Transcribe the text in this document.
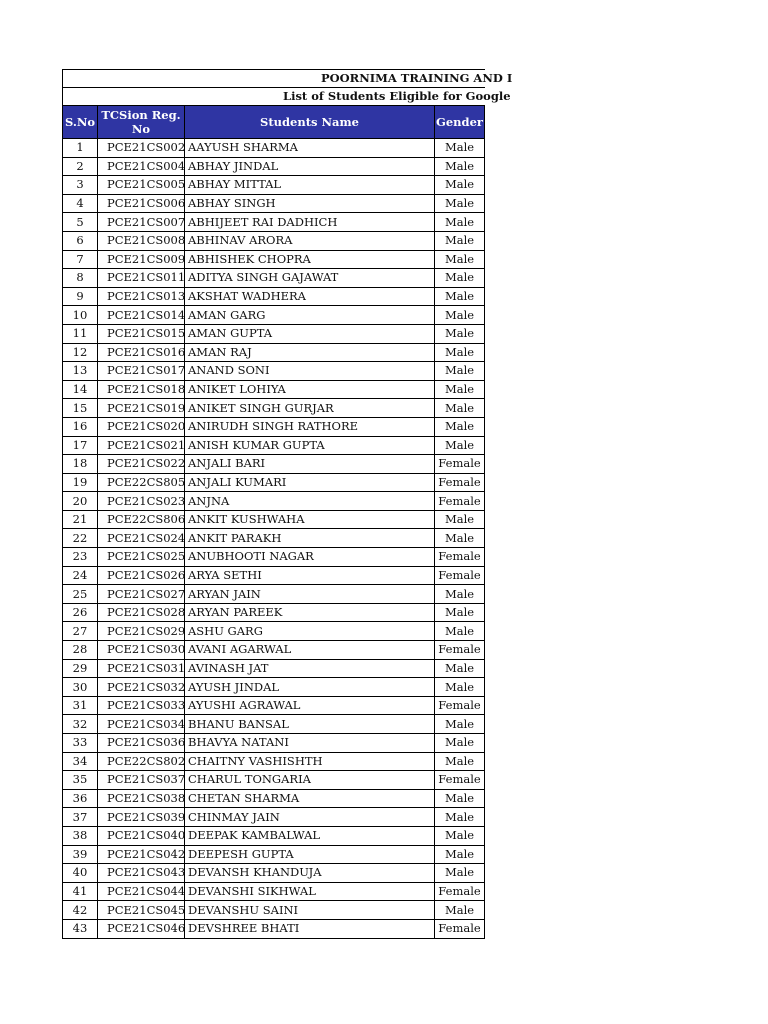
POORNIMA TRAINING AND I			

List of Students Eligible for Google			

S.No	TCSion Reg. No	Students Name	Gender
1	PCE21CS002	AAYUSH SHARMA	Male
2	PCE21CS004	ABHAY JINDAL	Male
3	PCE21CS005	ABHAY MITTAL	Male
4	PCE21CS006	ABHAY SINGH	Male
5	PCE21CS007	ABHIJEET RAI DADHICH	Male
6	PCE21CS008	ABHINAV ARORA	Male
7	PCE21CS009	ABHISHEK CHOPRA	Male
8	PCE21CS011	ADITYA SINGH GAJAWAT	Male
9	PCE21CS013	AKSHAT WADHERA	Male
10	PCE21CS014	AMAN GARG	Male
11	PCE21CS015	AMAN GUPTA	Male
12	PCE21CS016	AMAN RAJ	Male
13	PCE21CS017	ANAND SONI	Male
14	PCE21CS018	ANIKET LOHIYA	Male
15	PCE21CS019	ANIKET SINGH GURJAR	Male
16	PCE21CS020	ANIRUDH SINGH RATHORE	Male
17	PCE21CS021	ANISH KUMAR GUPTA	Male
18	PCE21CS022	ANJALI BARI	Female
19	PCE22CS805	ANJALI KUMARI	Female
20	PCE21CS023	ANJNA	Female
21	PCE22CS806	ANKIT KUSHWAHA	Male
22	PCE21CS024	ANKIT PARAKH	Male
23	PCE21CS025	ANUBHOOTI NAGAR	Female
24	PCE21CS026	ARYA SETHI	Female
25	PCE21CS027	ARYAN JAIN	Male
26	PCE21CS028	ARYAN PAREEK	Male
27	PCE21CS029	ASHU GARG	Male
28	PCE21CS030	AVANI AGARWAL	Female
29	PCE21CS031	AVINASH JAT	Male
30	PCE21CS032	AYUSH JINDAL	Male
31	PCE21CS033	AYUSHI AGRAWAL	Female
32	PCE21CS034	BHANU BANSAL	Male
33	PCE21CS036	BHAVYA NATANI	Male
34	PCE22CS802	CHAITNY VASHISHTH	Male
35	PCE21CS037	CHARUL TONGARIA	Female
36	PCE21CS038	CHETAN SHARMA	Male
37	PCE21CS039	CHINMAY JAIN	Male
38	PCE21CS040	DEEPAK KAMBALWAL	Male
39	PCE21CS042	DEEPESH GUPTA	Male
40	PCE21CS043	DEVANSH KHANDUJA	Male
41	PCE21CS044	DEVANSHI SIKHWAL	Female
42	PCE21CS045	DEVANSHU SAINI	Male
43	PCE21CS046	DEVSHREE BHATI	Female
